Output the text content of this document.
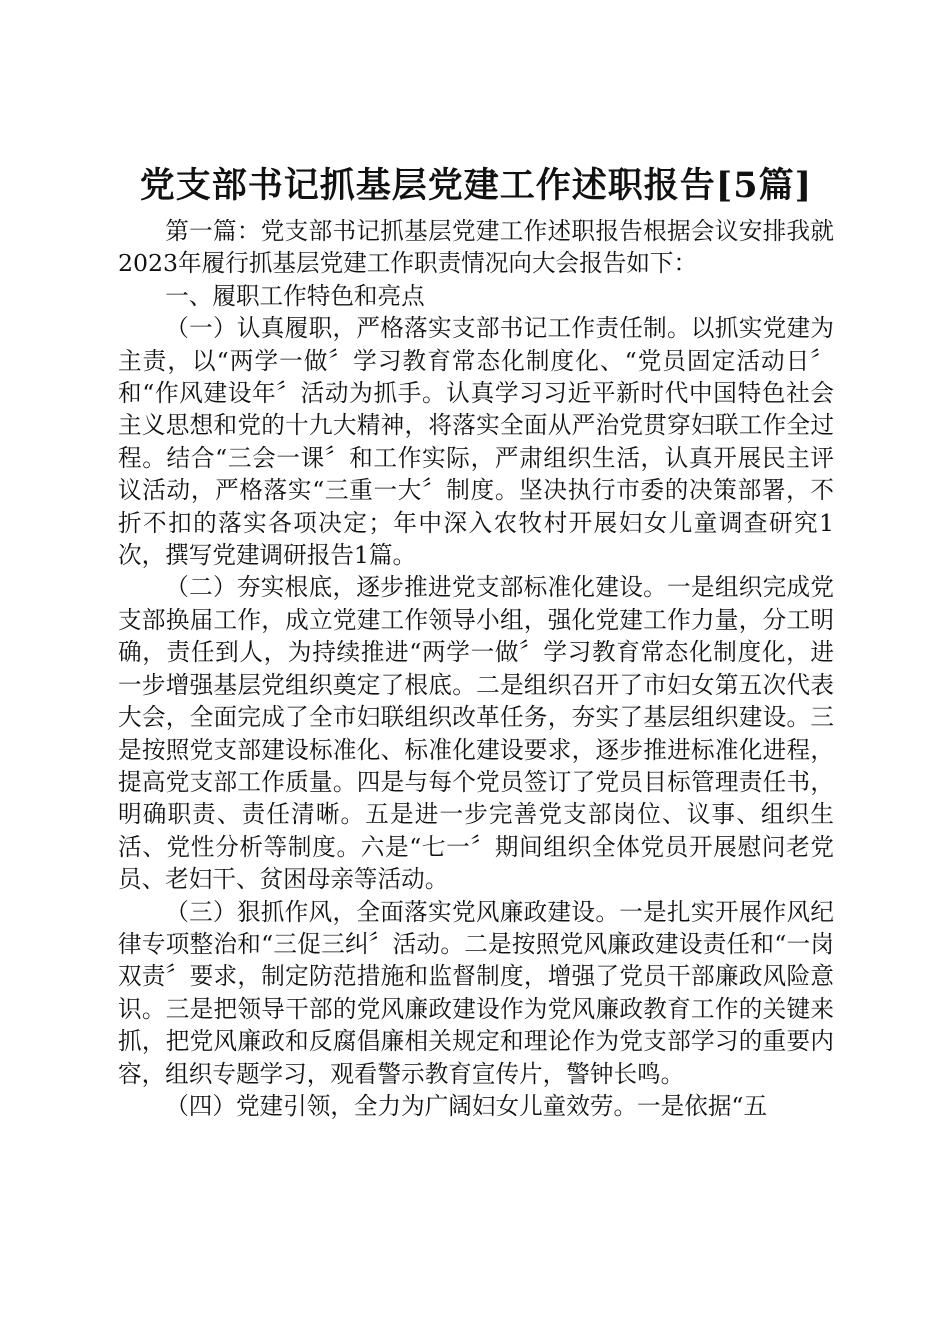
党支部书记抓基层党建工作述职报告[5篇]

第一篇：党支部书记抓基层党建工作述职报告根据会议安排我就2023年履行抓基层党建工作职责情况向大会报告如下：

一、履职工作特色和亮点

（一）认真履职，严格落实支部书记工作责任制。以抓实党建为主责，以“两学一做〞学习教育常态化制度化、“党员固定活动日〞和“作风建设年〞活动为抓手。认真学习习近平新时代中国特色社会主义思想和党的十九大精神，将落实全面从严治党贯穿妇联工作全过程。结合“三会一课〞和工作实际，严肃组织生活，认真开展民主评议活动，严格落实“三重一大〞制度。坚决执行市委的决策部署，不折不扣的落实各项决定；年中深入农牧村开展妇女儿童调查研究1次，撰写党建调研报告1篇。

（二）夯实根底，逐步推进党支部标准化建设。一是组织完成党支部换届工作，成立党建工作领导小组，强化党建工作力量，分工明确，责任到人，为持续推进“两学一做〞学习教育常态化制度化，进一步增强基层党组织奠定了根底。二是组织召开了市妇女第五次代表大会，全面完成了全市妇联组织改革任务，夯实了基层组织建设。三是按照党支部建设标准化、标准化建设要求，逐步推进标准化进程，提高党支部工作质量。四是与每个党员签订了党员目标管理责任书，明确职责、责任清晰。五是进一步完善党支部岗位、议事、组织生活、党性分析等制度。六是“七一〞期间组织全体党员开展慰问老党员、老妇干、贫困母亲等活动。

（三）狠抓作风，全面落实党风廉政建设。一是扎实开展作风纪律专项整治和“三促三纠〞活动。二是按照党风廉政建设责任和“一岗双责〞要求，制定防范措施和监督制度，增强了党员干部廉政风险意识。三是把领导干部的党风廉政建设作为党风廉政教育工作的关键来抓，把党风廉政和反腐倡廉相关规定和理论作为党支部学习的重要内容，组织专题学习，观看警示教育宣传片，警钟长鸣。

（四）党建引领，全力为广阔妇女儿童效劳。一是依据“五
